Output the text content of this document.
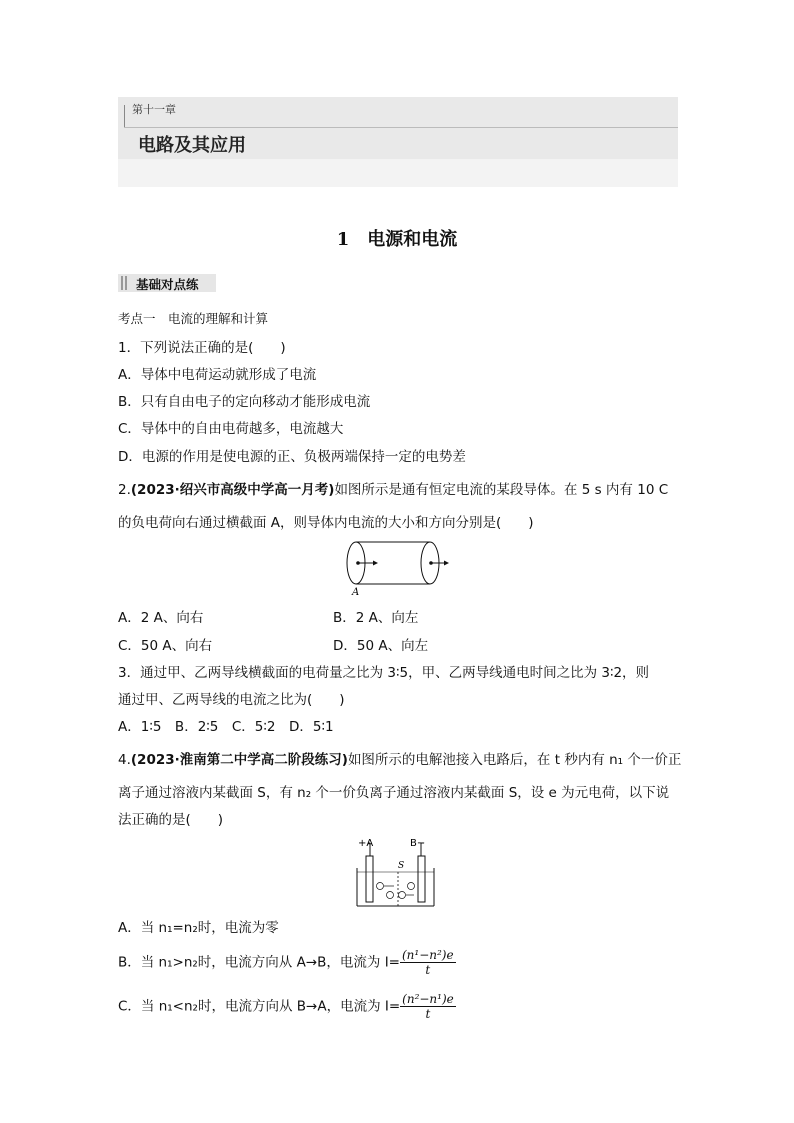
第十一章
电路及其应用
1　电源和电流
基础对点练
考点一　电流的理解和计算
1．下列说法正确的是(　　)
A．导体中电荷运动就形成了电流
B．只有自由电子的定向移动才能形成电流
C．导体中的自由电荷越多，电流越大
D．电源的作用是使电源的正、负极两端保持一定的电势差
2.(2023·绍兴市高级中学高一月考)如图所示是通有恒定电流的某段导体。在 5 s 内有 10 C
的负电荷向右通过横截面 A，则导体内电流的大小和方向分别是(　　)
A
A．2 A、向右	B．2 A、向左
C．50 A、向右	D．50 A、向左
3．通过甲、乙两导线横截面的电荷量之比为 3∶5，甲、乙两导线通电时间之比为 3∶2，则
通过甲、乙两导线的电流之比为(　　)
A．1∶5　B．2∶5　C．5∶2　D．5∶1
4.(2023·淮南第二中学高二阶段练习)如图所示的电解池接入电路后，在 t 秒内有 n₁ 个一价正
离子通过溶液内某截面 S，有 n₂ 个一价负离子通过溶液内某截面 S，设 e 为元电荷，以下说
法正确的是(　　)
+A	B−
S
A．当 n₁=n₂时，电流为零
B．当 n₁>n₂时，电流方向从 A→B，电流为 $I= \frac{\text{(n¹−n²)e}}{t}$
C．当 n₁<n₂时，电流方向从 B→A，电流为 $I= \frac{\text{(n²−n¹)e}}{t}$
